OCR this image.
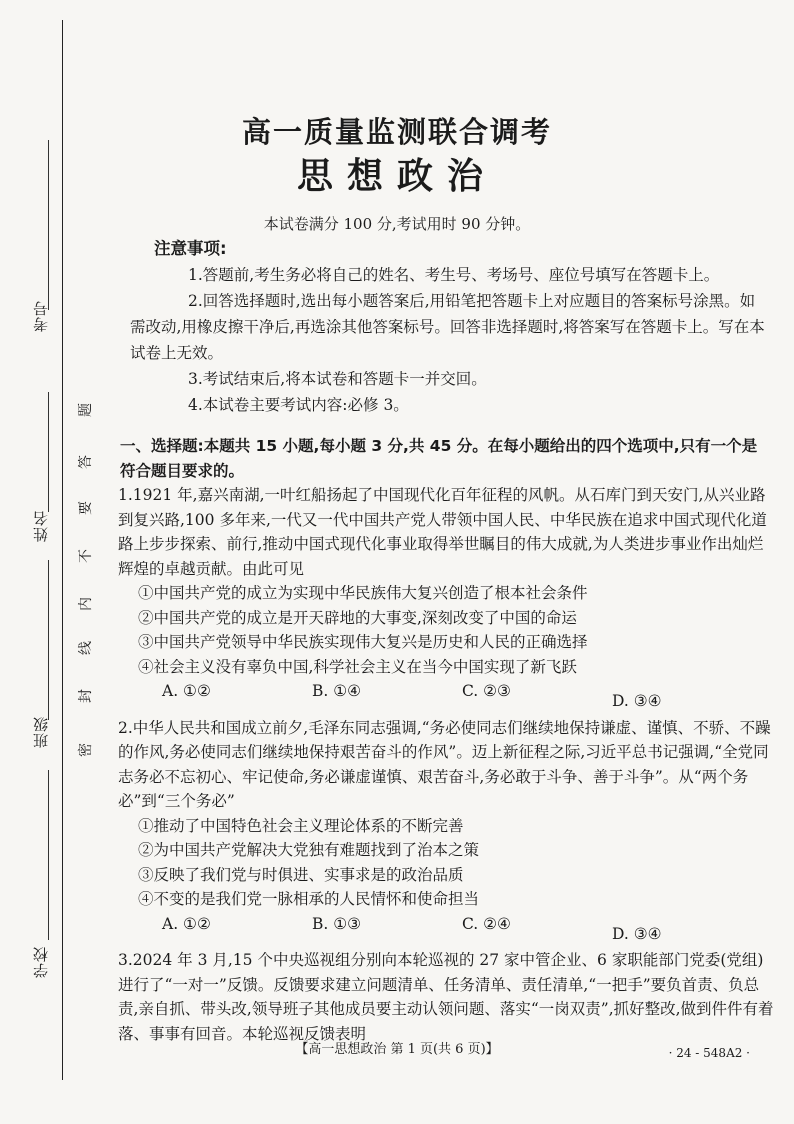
考号
姓名
班级
学校
密
封
线
内
不
要
答
题
高一质量监测联合调考
思想政治
本试卷满分 100 分,考试用时 90 分钟。
注意事项:
1.答题前,考生务必将自己的姓名、考生号、考场号、座位号填写在答题卡上。
2.回答选择题时,选出每小题答案后,用铅笔把答题卡上对应题目的答案标号涂黑。如需改动,用橡皮擦干净后,再选涂其他答案标号。回答非选择题时,将答案写在答题卡上。写在本试卷上无效。
3.考试结束后,将本试卷和答题卡一并交回。
4.本试卷主要考试内容:必修 3。
一、选择题:本题共 15 小题,每小题 3 分,共 45 分。在每小题给出的四个选项中,只有一个是符合题目要求的。
1.1921 年,嘉兴南湖,一叶红船扬起了中国现代化百年征程的风帆。从石库门到天安门,从兴业路到复兴路,100 多年来,一代又一代中国共产党人带领中国人民、中华民族在追求中国式现代化道路上步步探索、前行,推动中国式现代化事业取得举世瞩目的伟大成就,为人类进步事业作出灿烂辉煌的卓越贡献。由此可见
①中国共产党的成立为实现中华民族伟大复兴创造了根本社会条件
②中国共产党的成立是开天辟地的大事变,深刻改变了中国的命运
③中国共产党领导中华民族实现伟大复兴是历史和人民的正确选择
④社会主义没有辜负中国,科学社会主义在当今中国实现了新飞跃
A. ①②	B. ①④	C. ②③
D. ③④
2.中华人民共和国成立前夕,毛泽东同志强调,“务必使同志们继续地保持谦虚、谨慎、不骄、不躁的作风,务必使同志们继续地保持艰苦奋斗的作风”。迈上新征程之际,习近平总书记强调,“全党同志务必不忘初心、牢记使命,务必谦虚谨慎、艰苦奋斗,务必敢于斗争、善于斗争”。从“两个务必”到“三个务必”
①推动了中国特色社会主义理论体系的不断完善
②为中国共产党解决大党独有难题找到了治本之策
③反映了我们党与时俱进、实事求是的政治品质
④不变的是我们党一脉相承的人民情怀和使命担当
A. ①②	B. ①③	C. ②④
D. ③④
3.2024 年 3 月,15 个中央巡视组分别向本轮巡视的 27 家中管企业、6 家职能部门党委(党组)进行了“一对一”反馈。反馈要求建立问题清单、任务清单、责任清单,“一把手”要负首责、负总责,亲自抓、带头改,领导班子其他成员要主动认领问题、落实“一岗双责”,抓好整改,做到件件有着落、事事有回音。本轮巡视反馈表明
【高一思想政治 第 1 页(共 6 页)】	· 24 - 548A2 ·
